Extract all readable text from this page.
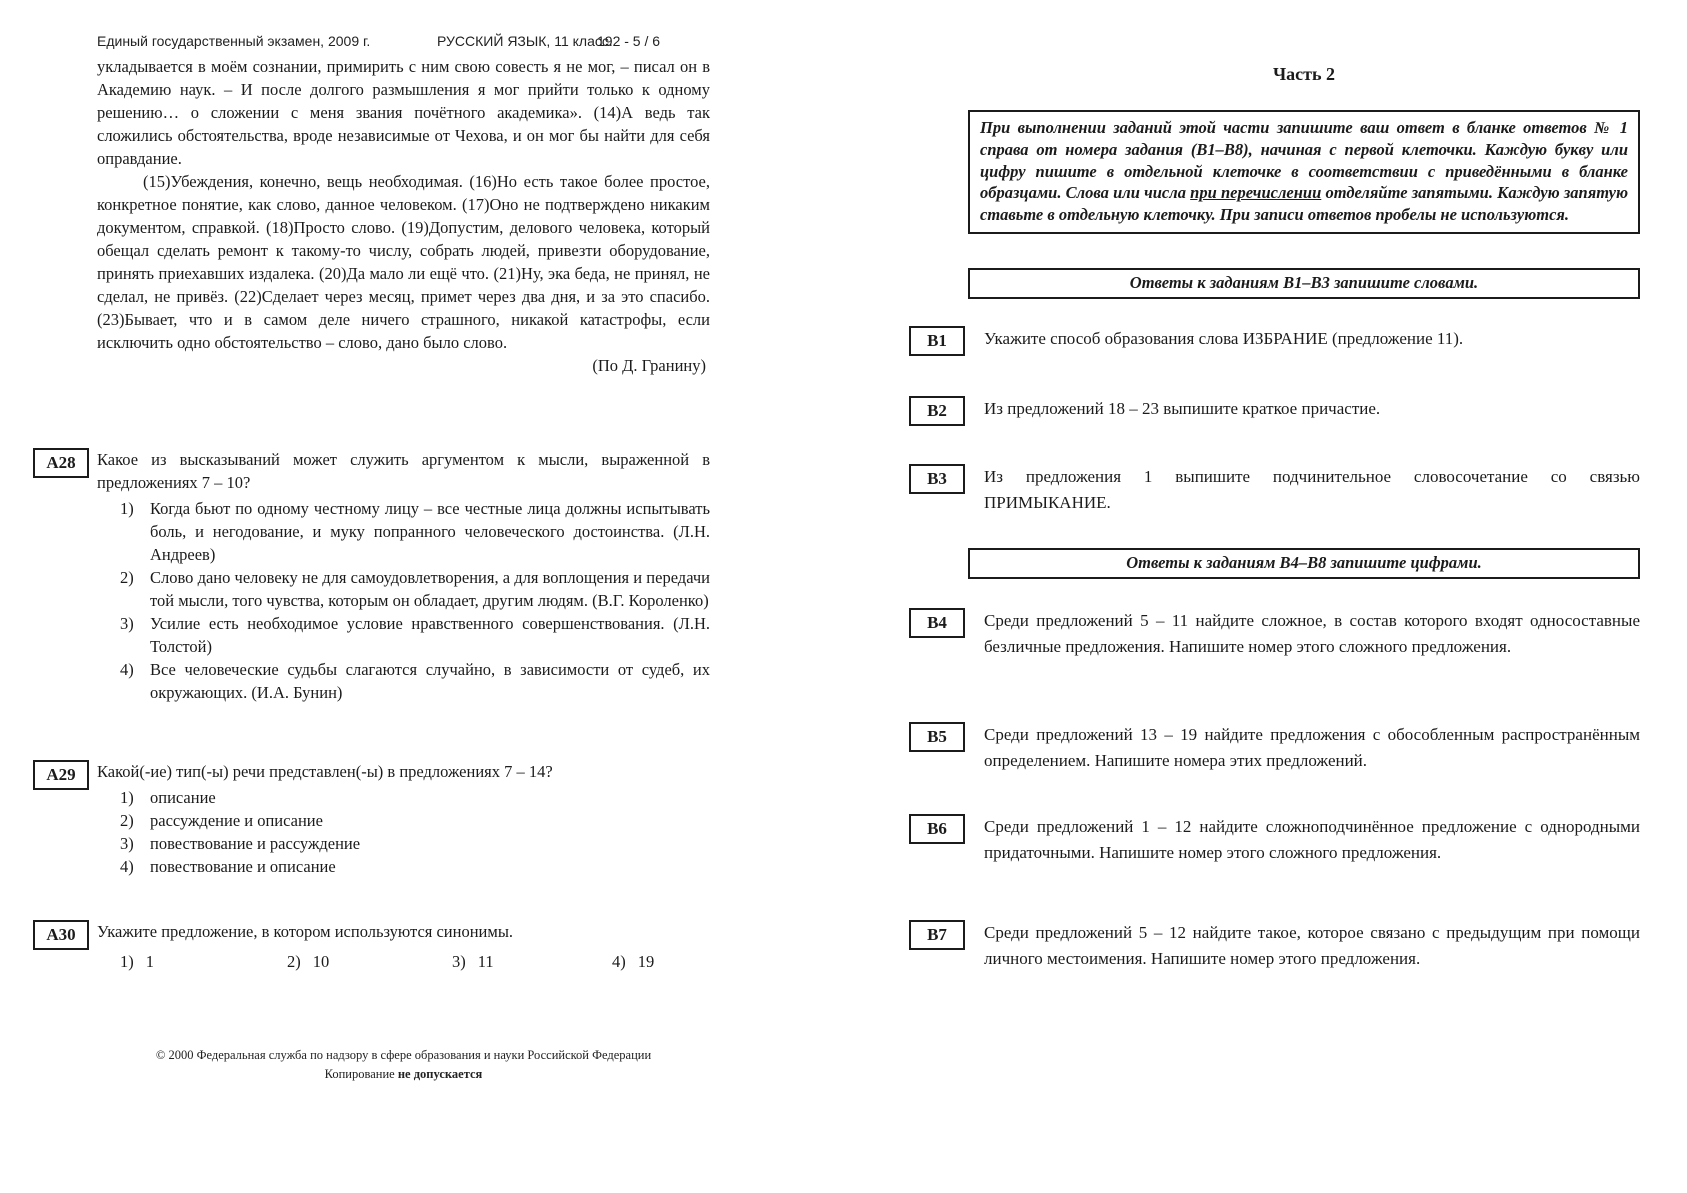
Единый государственный экзамен, 2009 г.	РУССКИЙ ЯЗЫК, 11 класс.
192 - 5 / 6

укладывается в моём сознании, примирить с ним свою совесть я не мог, – писал он в Академию наук. – И после долгого размышления я мог прийти только к одному решению… о сложении с меня звания почётного академика». (14)А ведь так сложились обстоятельства, вроде независимые от Чехова, и он мог бы найти для себя оправдание.

(15)Убеждения, конечно, вещь необходимая. (16)Но есть такое более простое, конкретное понятие, как слово, данное человеком. (17)Оно не подтверждено никаким документом, справкой. (18)Просто слово. (19)Допустим, делового человека, который обещал сделать ремонт к такому-то числу, собрать людей, привезти оборудование, принять приехавших издалека. (20)Да мало ли ещё что. (21)Ну, эка беда, не принял, не сделал, не привёз. (22)Сделает через месяц, примет через два дня, и за это спасибо. (23)Бывает, что и в самом деле ничего страшного, никакой катастрофы, если исключить одно обстоятельство – слово, дано было слово.

(По Д. Гранину)

А28	Какое из высказываний может служить аргументом к мысли, выраженной в предложениях 7 – 10?

1) Когда бьют по одному честному лицу – все честные лица должны испытывать боль, и негодование, и муку попранного человеческого достоинства. (Л.Н. Андреев)
2) Слово дано человеку не для самоудовлетворения, а для воплощения и передачи той мысли, того чувства, которым он обладает, другим людям. (В.Г. Короленко)
3) Усилие есть необходимое условие нравственного совершенствования. (Л.Н. Толстой)
4) Все человеческие судьбы слагаются случайно, в зависимости от судеб, их окружающих. (И.А. Бунин)
А29	Какой(-ие) тип(-ы) речи представлен(-ы) в предложениях 7 – 14?

1) описание
2) рассуждение и описание
3) повествование и рассуждение
4) повествование и описание
А30	Укажите предложение, в котором используются синонимы.

1) 1	2) 10	3) 11	4) 19
© 2000 Федеральная служба по надзору в сфере образования и науки Российской Федерации
Копирование не допускается
Часть 2
При выполнении заданий этой части запишите ваш ответ в бланке ответов № 1 справа от номера задания (В1–В8), начиная с первой клеточки. Каждую букву или цифру пишите в отдельной клеточке в соответствии с приведёнными в бланке образцами. Слова или числа при перечислении отделяйте запятыми. Каждую запятую ставьте в отдельную клеточку. При записи ответов пробелы не используются.
Ответы к заданиям В1–В3 запишите словами.
В1	Укажите способ образования слова ИЗБРАНИЕ (предложение 11).

В2	Из предложений 18 – 23 выпишите краткое причастие.

В3	Из предложения 1 выпишите подчинительное словосочетание со связью ПРИМЫКАНИЕ.

Ответы к заданиям В4–В8 запишите цифрами.
В4	Среди предложений 5 – 11 найдите сложное, в состав которого входят односоставные безличные предложения. Напишите номер этого сложного предложения.

В5	Среди предложений 13 – 19 найдите предложения с обособленным распространённым определением. Напишите номера этих предложений.

В6	Среди предложений 1 – 12 найдите сложноподчинённое предложение с однородными придаточными. Напишите номер этого сложного предложения.

В7	Среди предложений 5 – 12 найдите такое, которое связано с предыдущим при помощи личного местоимения. Напишите номер этого предложения.
